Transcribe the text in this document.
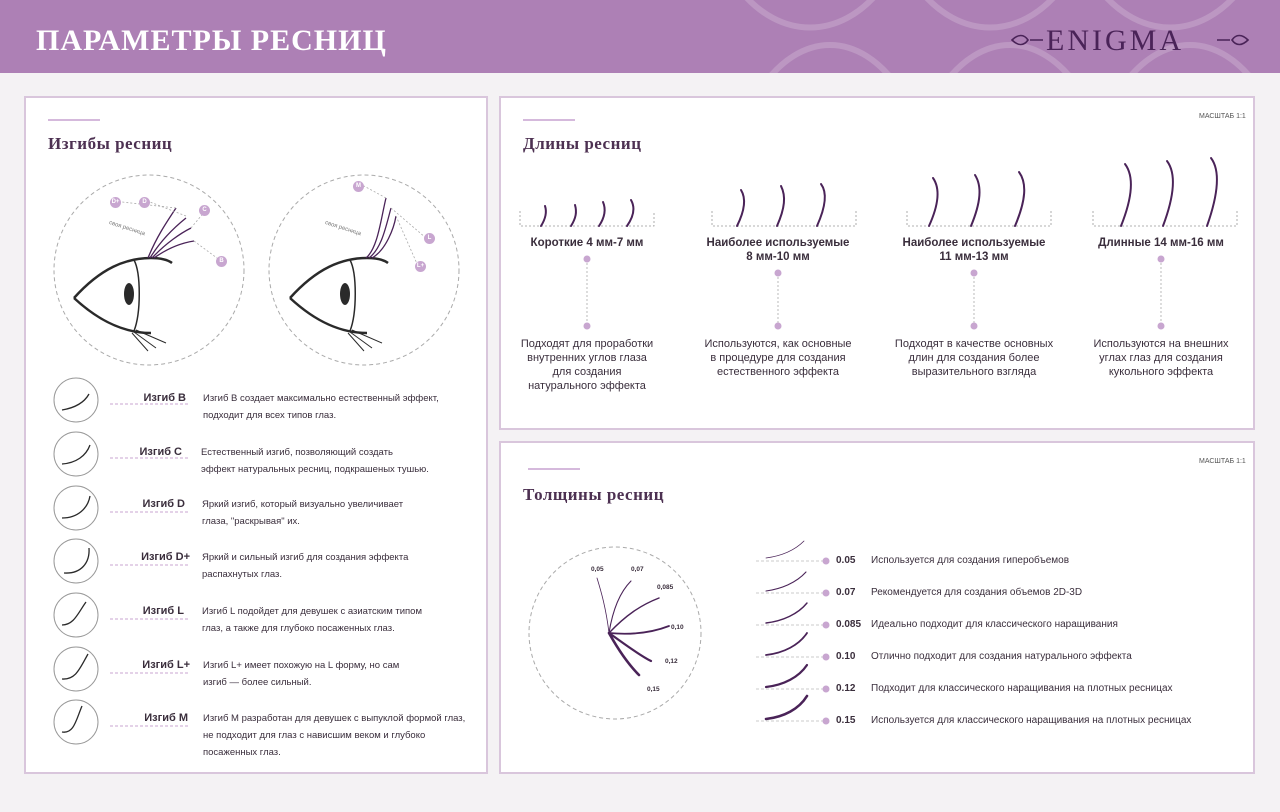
ПАРАМЕТРЫ РЕСНИЦ	ENIGMA
Изгибы ресниц
своя ресница	своя ресница
D+	D
C
B
M
L
L+
Изгиб B Изгиб B создает максимально естественный эффект,
подходит для всех типов глаз.
Изгиб C Естественный изгиб, позволяющий создать
эффект натуральных ресниц, подкрашеных тушью.
Изгиб D Яркий изгиб, который визуально увеличивает
глаза, "раскрывая" их.
Изгиб D+ Яркий и сильный изгиб для создания эффекта
распахнутых глаз.
Изгиб L Изгиб L подойдет для девушек с азиатским типом
глаз, а также для глубоко посаженных глаз.
Изгиб L+ Изгиб L+ имеет похожую на L форму, но сам
изгиб — более сильный.
Изгиб M Изгиб M разработан для девушек с выпуклой формой глаз,
не подходит для глаз с нависшим веком и глубоко
посаженных глаз.
МАСШТАБ 1:1
Длины ресниц
Короткие 4 мм-7 мм	Наиболее используемые
8 мм-10 мм
Наиболее используемые
11 мм-13 мм
Длинные 14 мм-16 мм
Подходят для проработки
внутренних углов глаза
для создания
натурального эффекта
Используются, как основные
в процедуре для создания
естественного эффекта
Подходят в качестве основных
длин для создания более
выразительного взгляда
Используются на внешних
углах глаз для создания
кукольного эффекта
МАСШТАБ 1:1
Толщины ресниц
0,05	0,07
0,085
0,10
0,12
0,15
0.05 Используется для создания гиперобъемов
0.07 Рекомендуется для создания объемов 2D-3D
0.085 Идеально подходит для классического наращивания
0.10 Отлично подходит для создания натурального эффекта
0.12 Подходит для классического наращивания на плотных ресницах
0.15 Используется для классического наращивания на плотных ресницах
